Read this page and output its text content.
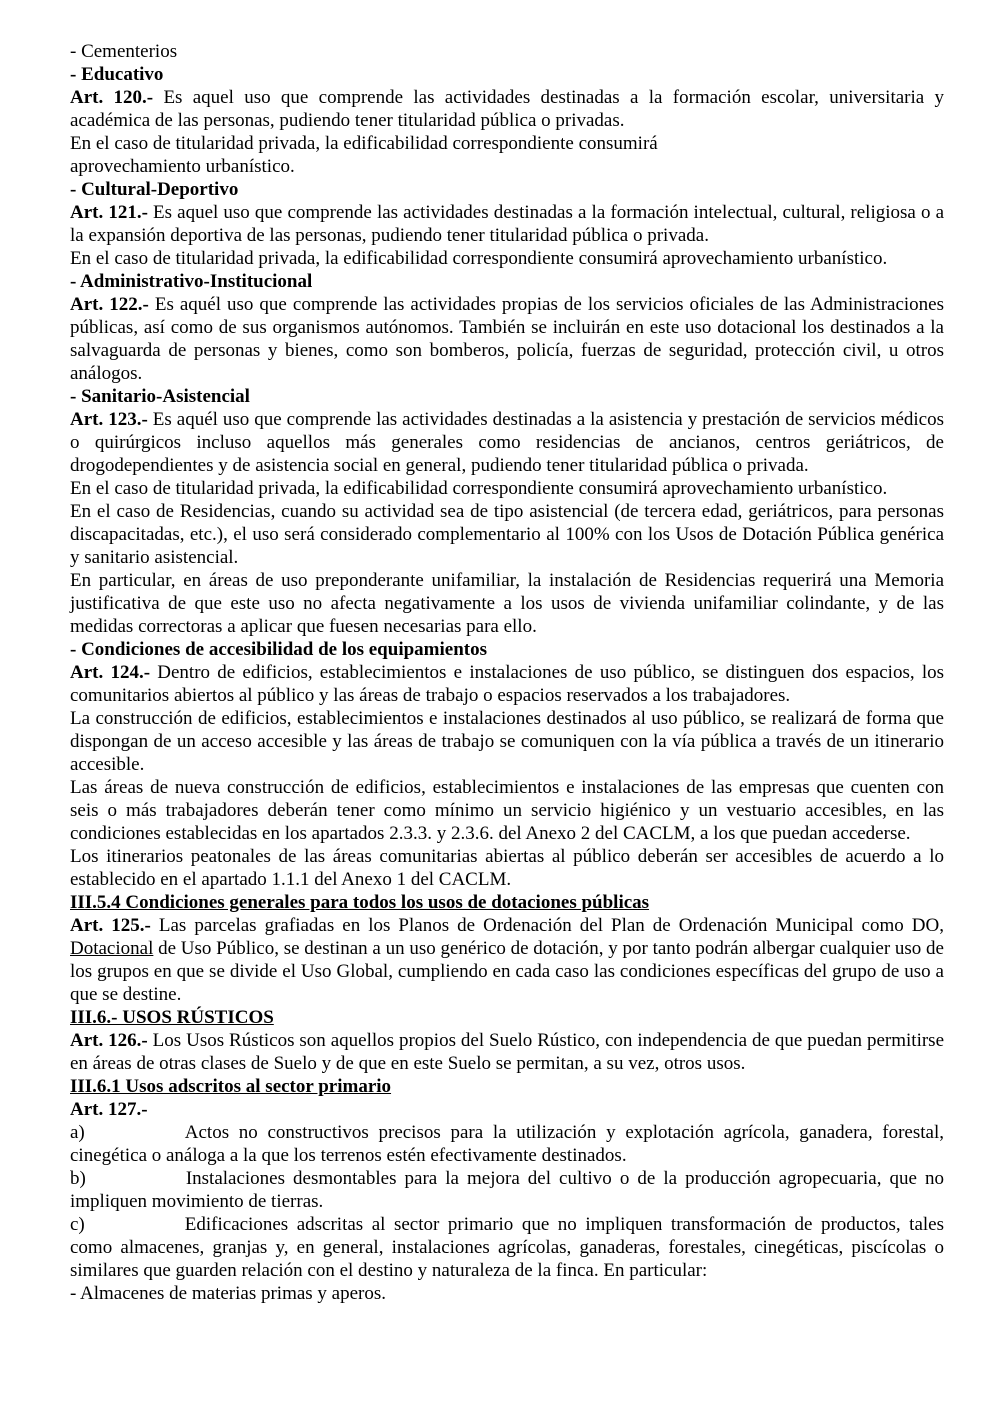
- Cementerios

- Educativo

Art. 120.- Es aquel uso que comprende las actividades destinadas a la formación escolar, universitaria y académica de las personas, pudiendo tener titularidad pública o privadas.

En el caso de titularidad privada, la edificabilidad correspondiente consumirá

aprovechamiento urbanístico.

- Cultural-Deportivo

Art. 121.- Es aquel uso que comprende las actividades destinadas a la formación intelectual, cultural, religiosa o a la expansión deportiva de las personas, pudiendo tener titularidad pública o privada.

En el caso de titularidad privada, la edificabilidad correspondiente consumirá aprovechamiento urbanístico.

- Administrativo-Institucional

Art. 122.- Es aquél uso que comprende las actividades propias de los servicios oficiales de las Administraciones públicas, así como de sus organismos autónomos. También se incluirán en este uso dotacional los destinados a la salvaguarda de personas y bienes, como son bomberos, policía, fuerzas de seguridad, protección civil, u otros análogos.

- Sanitario-Asistencial

Art. 123.- Es aquél uso que comprende las actividades destinadas a la asistencia y prestación de servicios médicos o quirúrgicos incluso aquellos más generales como residencias de ancianos, centros geriátricos, de drogodependientes y de asistencia social en general, pudiendo tener titularidad pública o privada.

En el caso de titularidad privada, la edificabilidad correspondiente consumirá aprovechamiento urbanístico.

En el caso de Residencias, cuando su actividad sea de tipo asistencial (de tercera edad, geriátricos, para personas discapacitadas, etc.), el uso será considerado complementario al 100% con los Usos de Dotación Pública genérica y sanitario asistencial.

En particular, en áreas de uso preponderante unifamiliar, la instalación de Residencias requerirá una Memoria justificativa de que este uso no afecta negativamente a los usos de vivienda unifamiliar colindante, y de las medidas correctoras a aplicar que fuesen necesarias para ello.

- Condiciones de accesibilidad de los equipamientos

Art. 124.- Dentro de edificios, establecimientos e instalaciones de uso público, se distinguen dos espacios, los comunitarios abiertos al público y las áreas de trabajo o espacios reservados a los trabajadores.

La construcción de edificios, establecimientos e instalaciones destinados al uso público, se realizará de forma que dispongan de un acceso accesible y las áreas de trabajo se comuniquen con la vía pública a través de un itinerario accesible.

Las áreas de nueva construcción de edificios, establecimientos e instalaciones de las empresas que cuenten con seis o más trabajadores deberán tener como mínimo un servicio higiénico y un vestuario accesibles, en las condiciones establecidas en los apartados 2.3.3. y 2.3.6. del Anexo 2 del CACLM, a los que puedan accederse.

Los itinerarios peatonales de las áreas comunitarias abiertas al público deberán ser accesibles de acuerdo a lo establecido en el apartado 1.1.1 del Anexo 1 del CACLM.

III.5.4 Condiciones generales para todos los usos de dotaciones públicas

Art. 125.- Las parcelas grafiadas en los Planos de Ordenación del Plan de Ordenación Municipal como DO, Dotacional de Uso Público, se destinan a un uso genérico de dotación, y por tanto podrán albergar cualquier uso de los grupos en que se divide el Uso Global, cumpliendo en cada caso las condiciones específicas del grupo de uso a que se destine.

III.6.- USOS RÚSTICOS

Art. 126.- Los Usos Rústicos son aquellos propios del Suelo Rústico, con independencia de que puedan permitirse en áreas de otras clases de Suelo y de que en este Suelo se permitan, a su vez, otros usos.

III.6.1 Usos adscritos al sector primario

Art. 127.-

a)	Actos no constructivos precisos para la utilización y explotación agrícola, ganadera, forestal, cinegética o análoga a la que los terrenos estén efectivamente destinados.

b)	Instalaciones desmontables para la mejora del cultivo o de la producción agropecuaria, que no impliquen movimiento de tierras.

c)	Edificaciones adscritas al sector primario que no impliquen transformación de productos, tales como almacenes, granjas y, en general, instalaciones agrícolas, ganaderas, forestales, cinegéticas, piscícolas o similares que guarden relación con el destino y naturaleza de la finca. En particular:

- Almacenes de materias primas y aperos.
